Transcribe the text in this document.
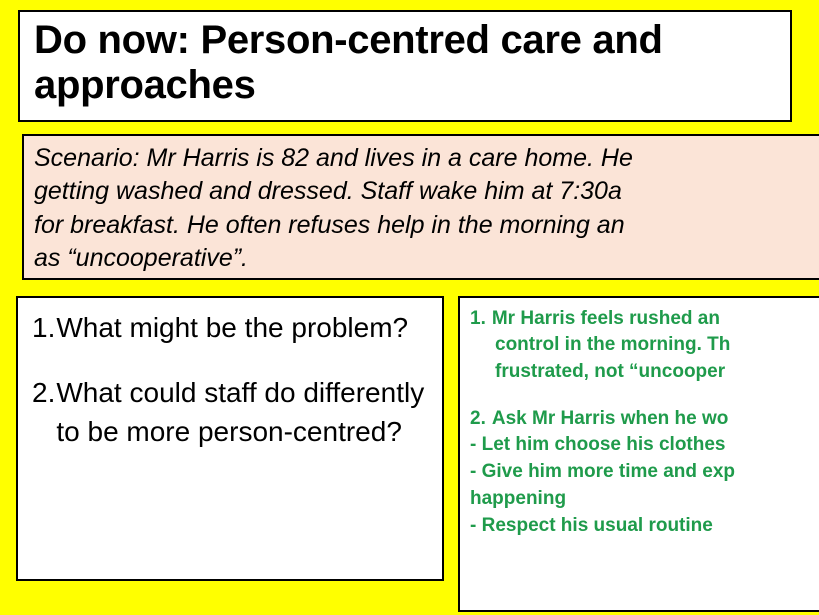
Do now: Person-centred care and approaches
Scenario: Mr Harris is 82 and lives in a care home. He
getting washed and dressed. Staff wake him at 7:30a
for breakfast. He often refuses help in the morning an
as “uncooperative”.
1. What might be the problem?
2. What could staff do differently to be more person-centred?
1. Mr Harris feels rushed an
control in the morning. Th
frustrated, not “uncooper
2. Ask Mr Harris when he wo
- Let him choose his clothes
- Give him more time and exp
happening
- Respect his usual routine
